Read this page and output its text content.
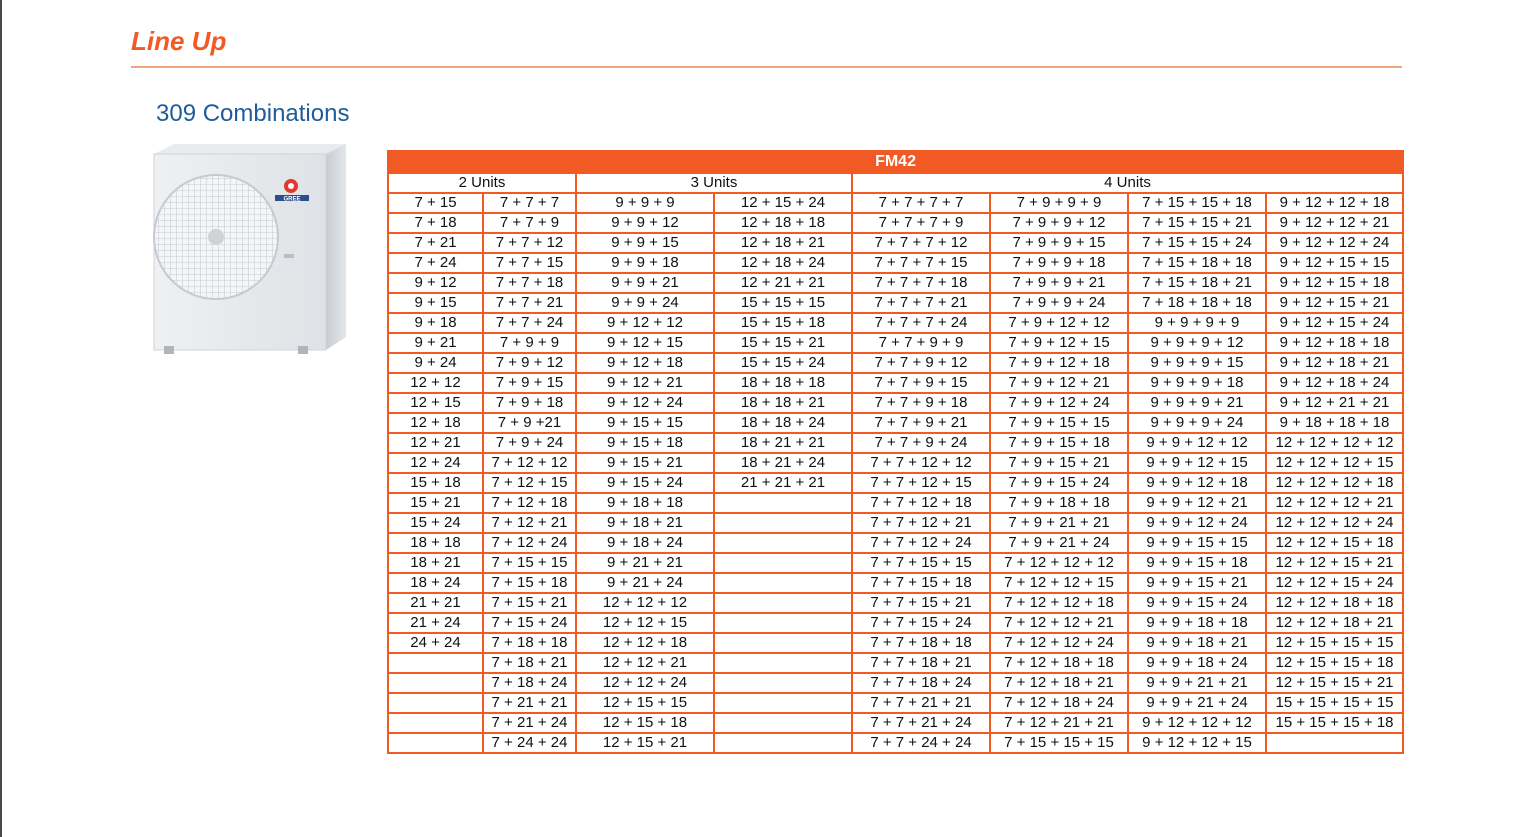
Line Up
309 Combinations
GREE
FM42							
2 Units		3 Units		4 Units			
7 + 15	7 + 7 + 7	9 + 9 + 9	12 + 15 + 24	7 + 7 + 7 + 7	7 + 9 + 9 + 9	7 + 15 + 15 + 18	9 + 12 + 12 + 18
7 + 18	7 + 7 + 9	9 + 9 + 12	12 + 18 + 18	7 + 7 + 7 + 9	7 + 9 + 9 + 12	7 + 15 + 15 + 21	9 + 12 + 12 + 21
7 + 21	7 + 7 + 12	9 + 9 + 15	12 + 18 + 21	7 + 7 + 7 + 12	7 + 9 + 9 + 15	7 + 15 + 15 + 24	9 + 12 + 12 + 24
7 + 24	7 + 7 + 15	9 + 9 + 18	12 + 18 + 24	7 + 7 + 7 + 15	7 + 9 + 9 + 18	7 + 15 + 18 + 18	9 + 12 + 15 + 15
9 + 12	7 + 7 + 18	9 + 9 + 21	12 + 21 + 21	7 + 7 + 7 + 18	7 + 9 + 9 + 21	7 + 15 + 18 + 21	9 + 12 + 15 + 18
9 + 15	7 + 7 + 21	9 + 9 + 24	15 + 15 + 15	7 + 7 + 7 + 21	7 + 9 + 9 + 24	7 + 18 + 18 + 18	9 + 12 + 15 + 21
9 + 18	7 + 7 + 24	9 + 12 + 12	15 + 15 + 18	7 + 7 + 7 + 24	7 + 9 + 12 + 12	9 + 9 + 9 + 9	9 + 12 + 15 + 24
9 + 21	7 + 9 + 9	9 + 12 + 15	15 + 15 + 21	7 + 7 + 9 + 9	7 + 9 + 12 + 15	9 + 9 + 9 + 12	9 + 12 + 18 + 18
9 + 24	7 + 9 + 12	9 + 12 + 18	15 + 15 + 24	7 + 7 + 9 + 12	7 + 9 + 12 + 18	9 + 9 + 9 + 15	9 + 12 + 18 + 21
12 + 12	7 + 9 + 15	9 + 12 + 21	18 + 18 + 18	7 + 7 + 9 + 15	7 + 9 + 12 + 21	9 + 9 + 9 + 18	9 + 12 + 18 + 24
12 + 15	7 + 9 + 18	9 + 12 + 24	18 + 18 + 21	7 + 7 + 9 + 18	7 + 9 + 12 + 24	9 + 9 + 9 + 21	9 + 12 + 21 + 21
12 + 18	7 + 9 +21	9 + 15 + 15	18 + 18 + 24	7 + 7 + 9 + 21	7 + 9 + 15 + 15	9 + 9 + 9 + 24	9 + 18 + 18 + 18
12 + 21	7 + 9 + 24	9 + 15 + 18	18 + 21 + 21	7 + 7 + 9 + 24	7 + 9 + 15 + 18	9 + 9 + 12 + 12	12 + 12 + 12 + 12
12 + 24	7 + 12 + 12	9 + 15 + 21	18 + 21 + 24	7 + 7 + 12 + 12	7 + 9 + 15 + 21	9 + 9 + 12 + 15	12 + 12 + 12 + 15
15 + 18	7 + 12 + 15	9 + 15 + 24	21 + 21 + 21	7 + 7 + 12 + 15	7 + 9 + 15 + 24	9 + 9 + 12 + 18	12 + 12 + 12 + 18
15 + 21	7 + 12 + 18	9 + 18 + 18		7 + 7 + 12 + 18	7 + 9 + 18 + 18	9 + 9 + 12 + 21	12 + 12 + 12 + 21
15 + 24	7 + 12 + 21	9 + 18 + 21		7 + 7 + 12 + 21	7 + 9 + 21 + 21	9 + 9 + 12 + 24	12 + 12 + 12 + 24
18 + 18	7 + 12 + 24	9 + 18 + 24		7 + 7 + 12 + 24	7 + 9 + 21 + 24	9 + 9 + 15 + 15	12 + 12 + 15 + 18
18 + 21	7 + 15 + 15	9 + 21 + 21		7 + 7 + 15 + 15	7 + 12 + 12 + 12	9 + 9 + 15 + 18	12 + 12 + 15 + 21
18 + 24	7 + 15 + 18	9 + 21 + 24		7 + 7 + 15 + 18	7 + 12 + 12 + 15	9 + 9 + 15 + 21	12 + 12 + 15 + 24
21 + 21	7 + 15 + 21	12 + 12 + 12		7 + 7 + 15 + 21	7 + 12 + 12 + 18	9 + 9 + 15 + 24	12 + 12 + 18 + 18
21 + 24	7 + 15 + 24	12 + 12 + 15		7 + 7 + 15 + 24	7 + 12 + 12 + 21	9 + 9 + 18 + 18	12 + 12 + 18 + 21
24 + 24	7 + 18 + 18	12 + 12 + 18		7 + 7 + 18 + 18	7 + 12 + 12 + 24	9 + 9 + 18 + 21	12 + 15 + 15 + 15
	7 + 18 + 21	12 + 12 + 21		7 + 7 + 18 + 21	7 + 12 + 18 + 18	9 + 9 + 18 + 24	12 + 15 + 15 + 18
	7 + 18 + 24	12 + 12 + 24		7 + 7 + 18 + 24	7 + 12 + 18 + 21	9 + 9 + 21 + 21	12 + 15 + 15 + 21
	7 + 21 + 21	12 + 15 + 15		7 + 7 + 21 + 21	7 + 12 + 18 + 24	9 + 9 + 21 + 24	15 + 15 + 15 + 15
	7 + 21 + 24	12 + 15 + 18		7 + 7 + 21 + 24	7 + 12 + 21 + 21	9 + 12 + 12 + 12	15 + 15 + 15 + 18
	7 + 24 + 24	12 + 15 + 21		7 + 7 + 24 + 24	7 + 15 + 15 + 15	9 + 12 + 12 + 15	
